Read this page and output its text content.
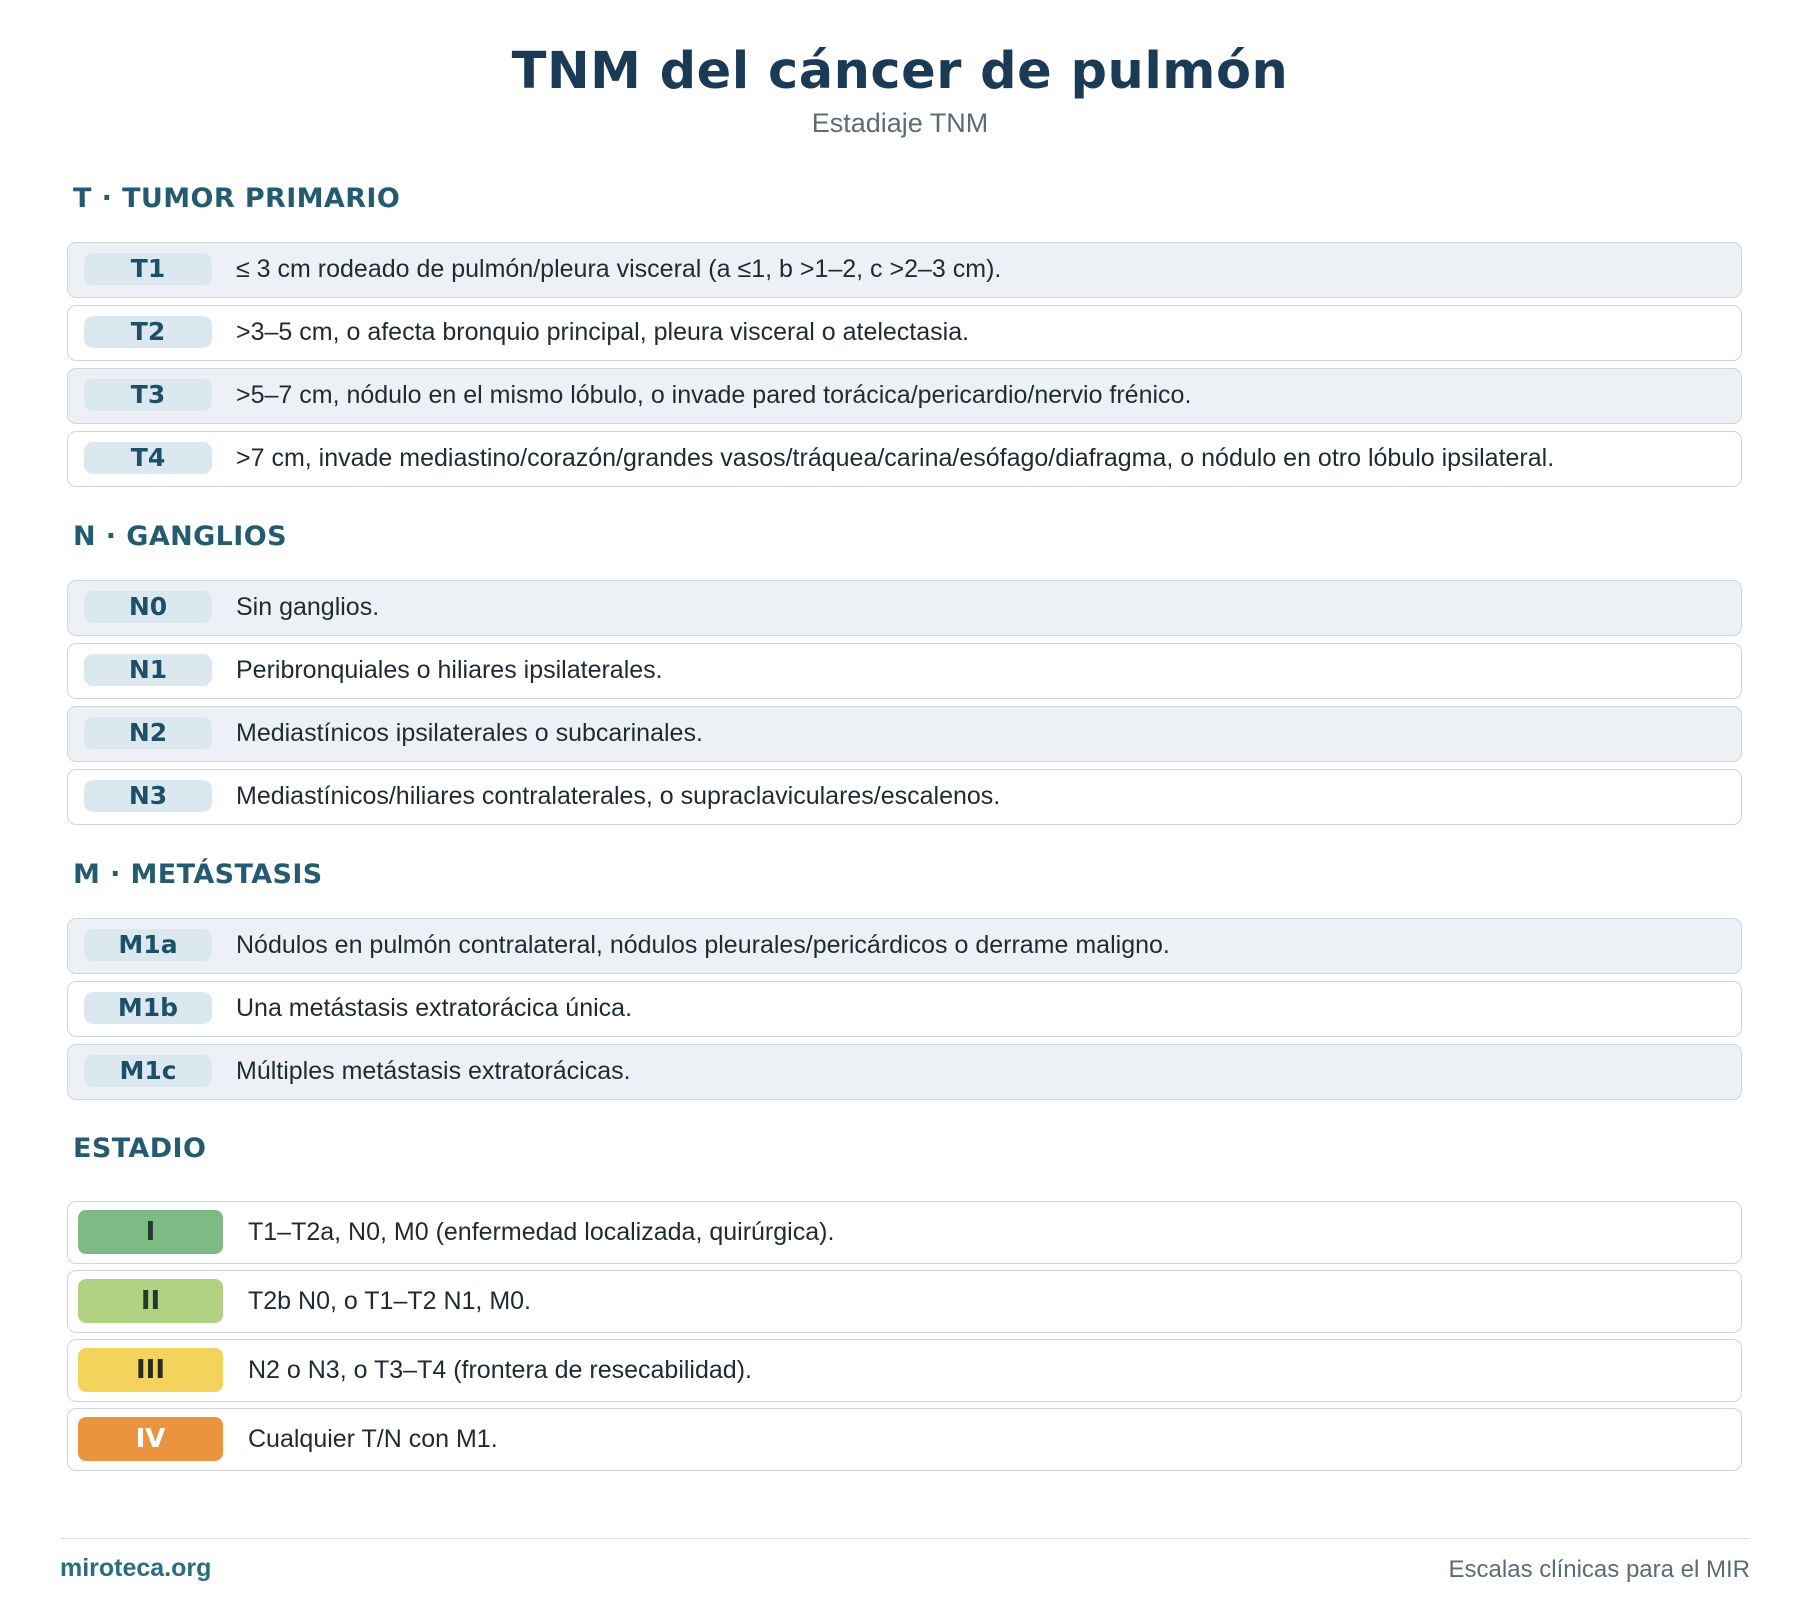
TNM del cáncer de pulmón
Estadiaje TNM
T · TUMOR PRIMARIO
T1	≤ 3 cm rodeado de pulmón/pleura visceral (a ≤1, b >1–2, c >2–3 cm).
T2	>3–5 cm, o afecta bronquio principal, pleura visceral o atelectasia.
T3	>5–7 cm, nódulo en el mismo lóbulo, o invade pared torácica/pericardio/nervio frénico.
T4	>7 cm, invade mediastino/corazón/grandes vasos/tráquea/carina/esófago/diafragma, o nódulo en otro lóbulo ipsilateral.
N · GANGLIOS
N0	Sin ganglios.
N1	Peribronquiales o hiliares ipsilaterales.
N2	Mediastínicos ipsilaterales o subcarinales.
N3	Mediastínicos/hiliares contralaterales, o supraclaviculares/escalenos.
M · METÁSTASIS
M1a	Nódulos en pulmón contralateral, nódulos pleurales/pericárdicos o derrame maligno.
M1b	Una metástasis extratorácica única.
M1c	Múltiples metástasis extratorácicas.
ESTADIO
I	T1–T2a, N0, M0 (enfermedad localizada, quirúrgica).
II	T2b N0, o T1–T2 N1, M0.
III	N2 o N3, o T3–T4 (frontera de resecabilidad).
IV	Cualquier T/N con M1.
miroteca.org	Escalas clínicas para el MIR
